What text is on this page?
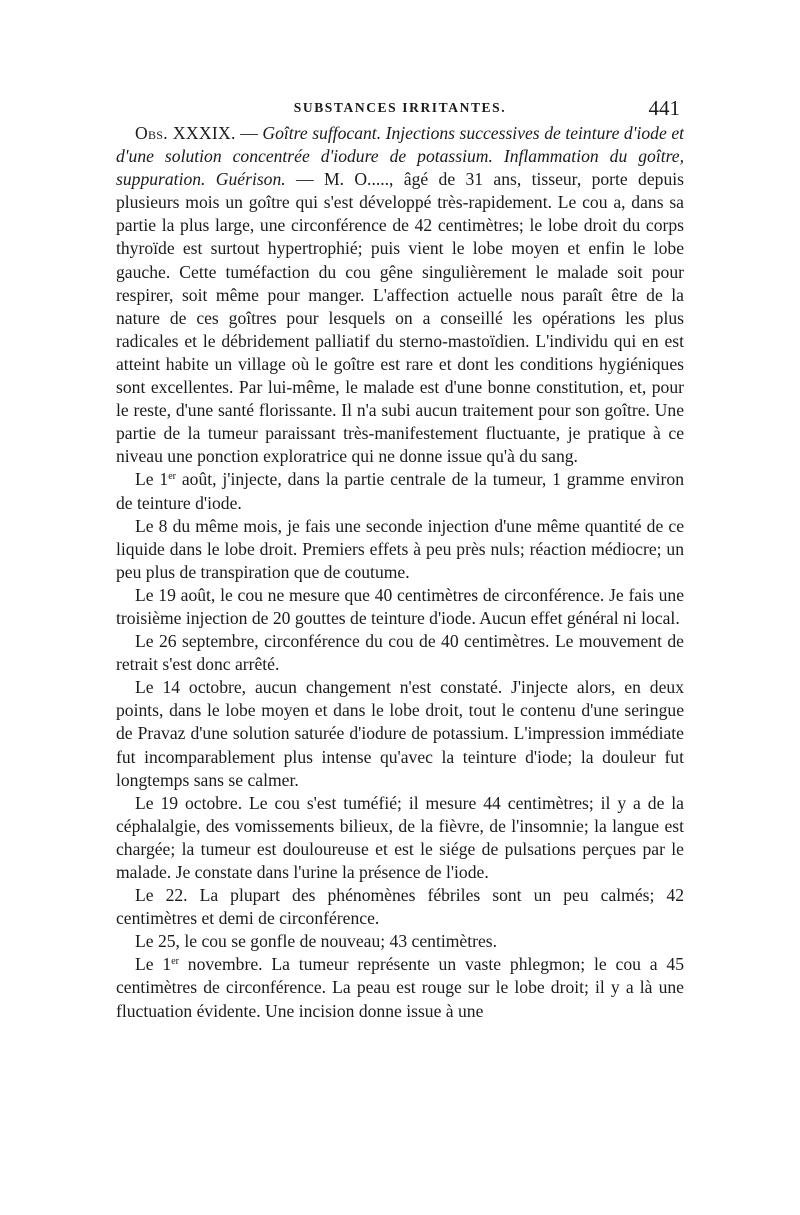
SUBSTANCES IRRITANTES.	441

Obs. XXXIX. — Goître suffocant. Injections successives de teinture d'iode et d'une solution concentrée d'iodure de potassium. Inflammation du goître, suppuration. Guérison. — M. O....., âgé de 31 ans, tisseur, porte depuis plusieurs mois un goître qui s'est développé très-rapidement. Le cou a, dans sa partie la plus large, une circonférence de 42 centimètres; le lobe droit du corps thyroïde est surtout hypertrophié; puis vient le lobe moyen et enfin le lobe gauche. Cette tuméfaction du cou gêne singulièrement le malade soit pour respirer, soit même pour manger. L'affection actuelle nous paraît être de la nature de ces goîtres pour lesquels on a conseillé les opérations les plus radicales et le débridement palliatif du sterno-mastoïdien. L'individu qui en est atteint habite un village où le goître est rare et dont les conditions hygiéniques sont excellentes. Par lui-même, le malade est d'une bonne constitution, et, pour le reste, d'une santé florissante. Il n'a subi aucun traitement pour son goître. Une partie de la tumeur paraissant très-manifestement fluctuante, je pratique à ce niveau une ponction exploratrice qui ne donne issue qu'à du sang.

Le 1er août, j'injecte, dans la partie centrale de la tumeur, 1 gramme environ de teinture d'iode.

Le 8 du même mois, je fais une seconde injection d'une même quantité de ce liquide dans le lobe droit. Premiers effets à peu près nuls; réaction médiocre; un peu plus de transpiration que de coutume.

Le 19 août, le cou ne mesure que 40 centimètres de circonférence. Je fais une troisième injection de 20 gouttes de teinture d'iode. Aucun effet général ni local.

Le 26 septembre, circonférence du cou de 40 centimètres. Le mouvement de retrait s'est donc arrêté.

Le 14 octobre, aucun changement n'est constaté. J'injecte alors, en deux points, dans le lobe moyen et dans le lobe droit, tout le contenu d'une seringue de Pravaz d'une solution saturée d'iodure de potassium. L'impression immédiate fut incomparablement plus intense qu'avec la teinture d'iode; la douleur fut longtemps sans se calmer.

Le 19 octobre. Le cou s'est tuméfié; il mesure 44 centimètres; il y a de la céphalalgie, des vomissements bilieux, de la fièvre, de l'insomnie; la langue est chargée; la tumeur est douloureuse et est le siége de pulsations perçues par le malade. Je constate dans l'urine la présence de l'iode.

Le 22. La plupart des phénomènes fébriles sont un peu calmés; 42 centimètres et demi de circonférence.

Le 25, le cou se gonfle de nouveau; 43 centimètres.

Le 1er novembre. La tumeur représente un vaste phlegmon; le cou a 45 centimètres de circonférence. La peau est rouge sur le lobe droit; il y a là une fluctuation évidente. Une incision donne issue à une
